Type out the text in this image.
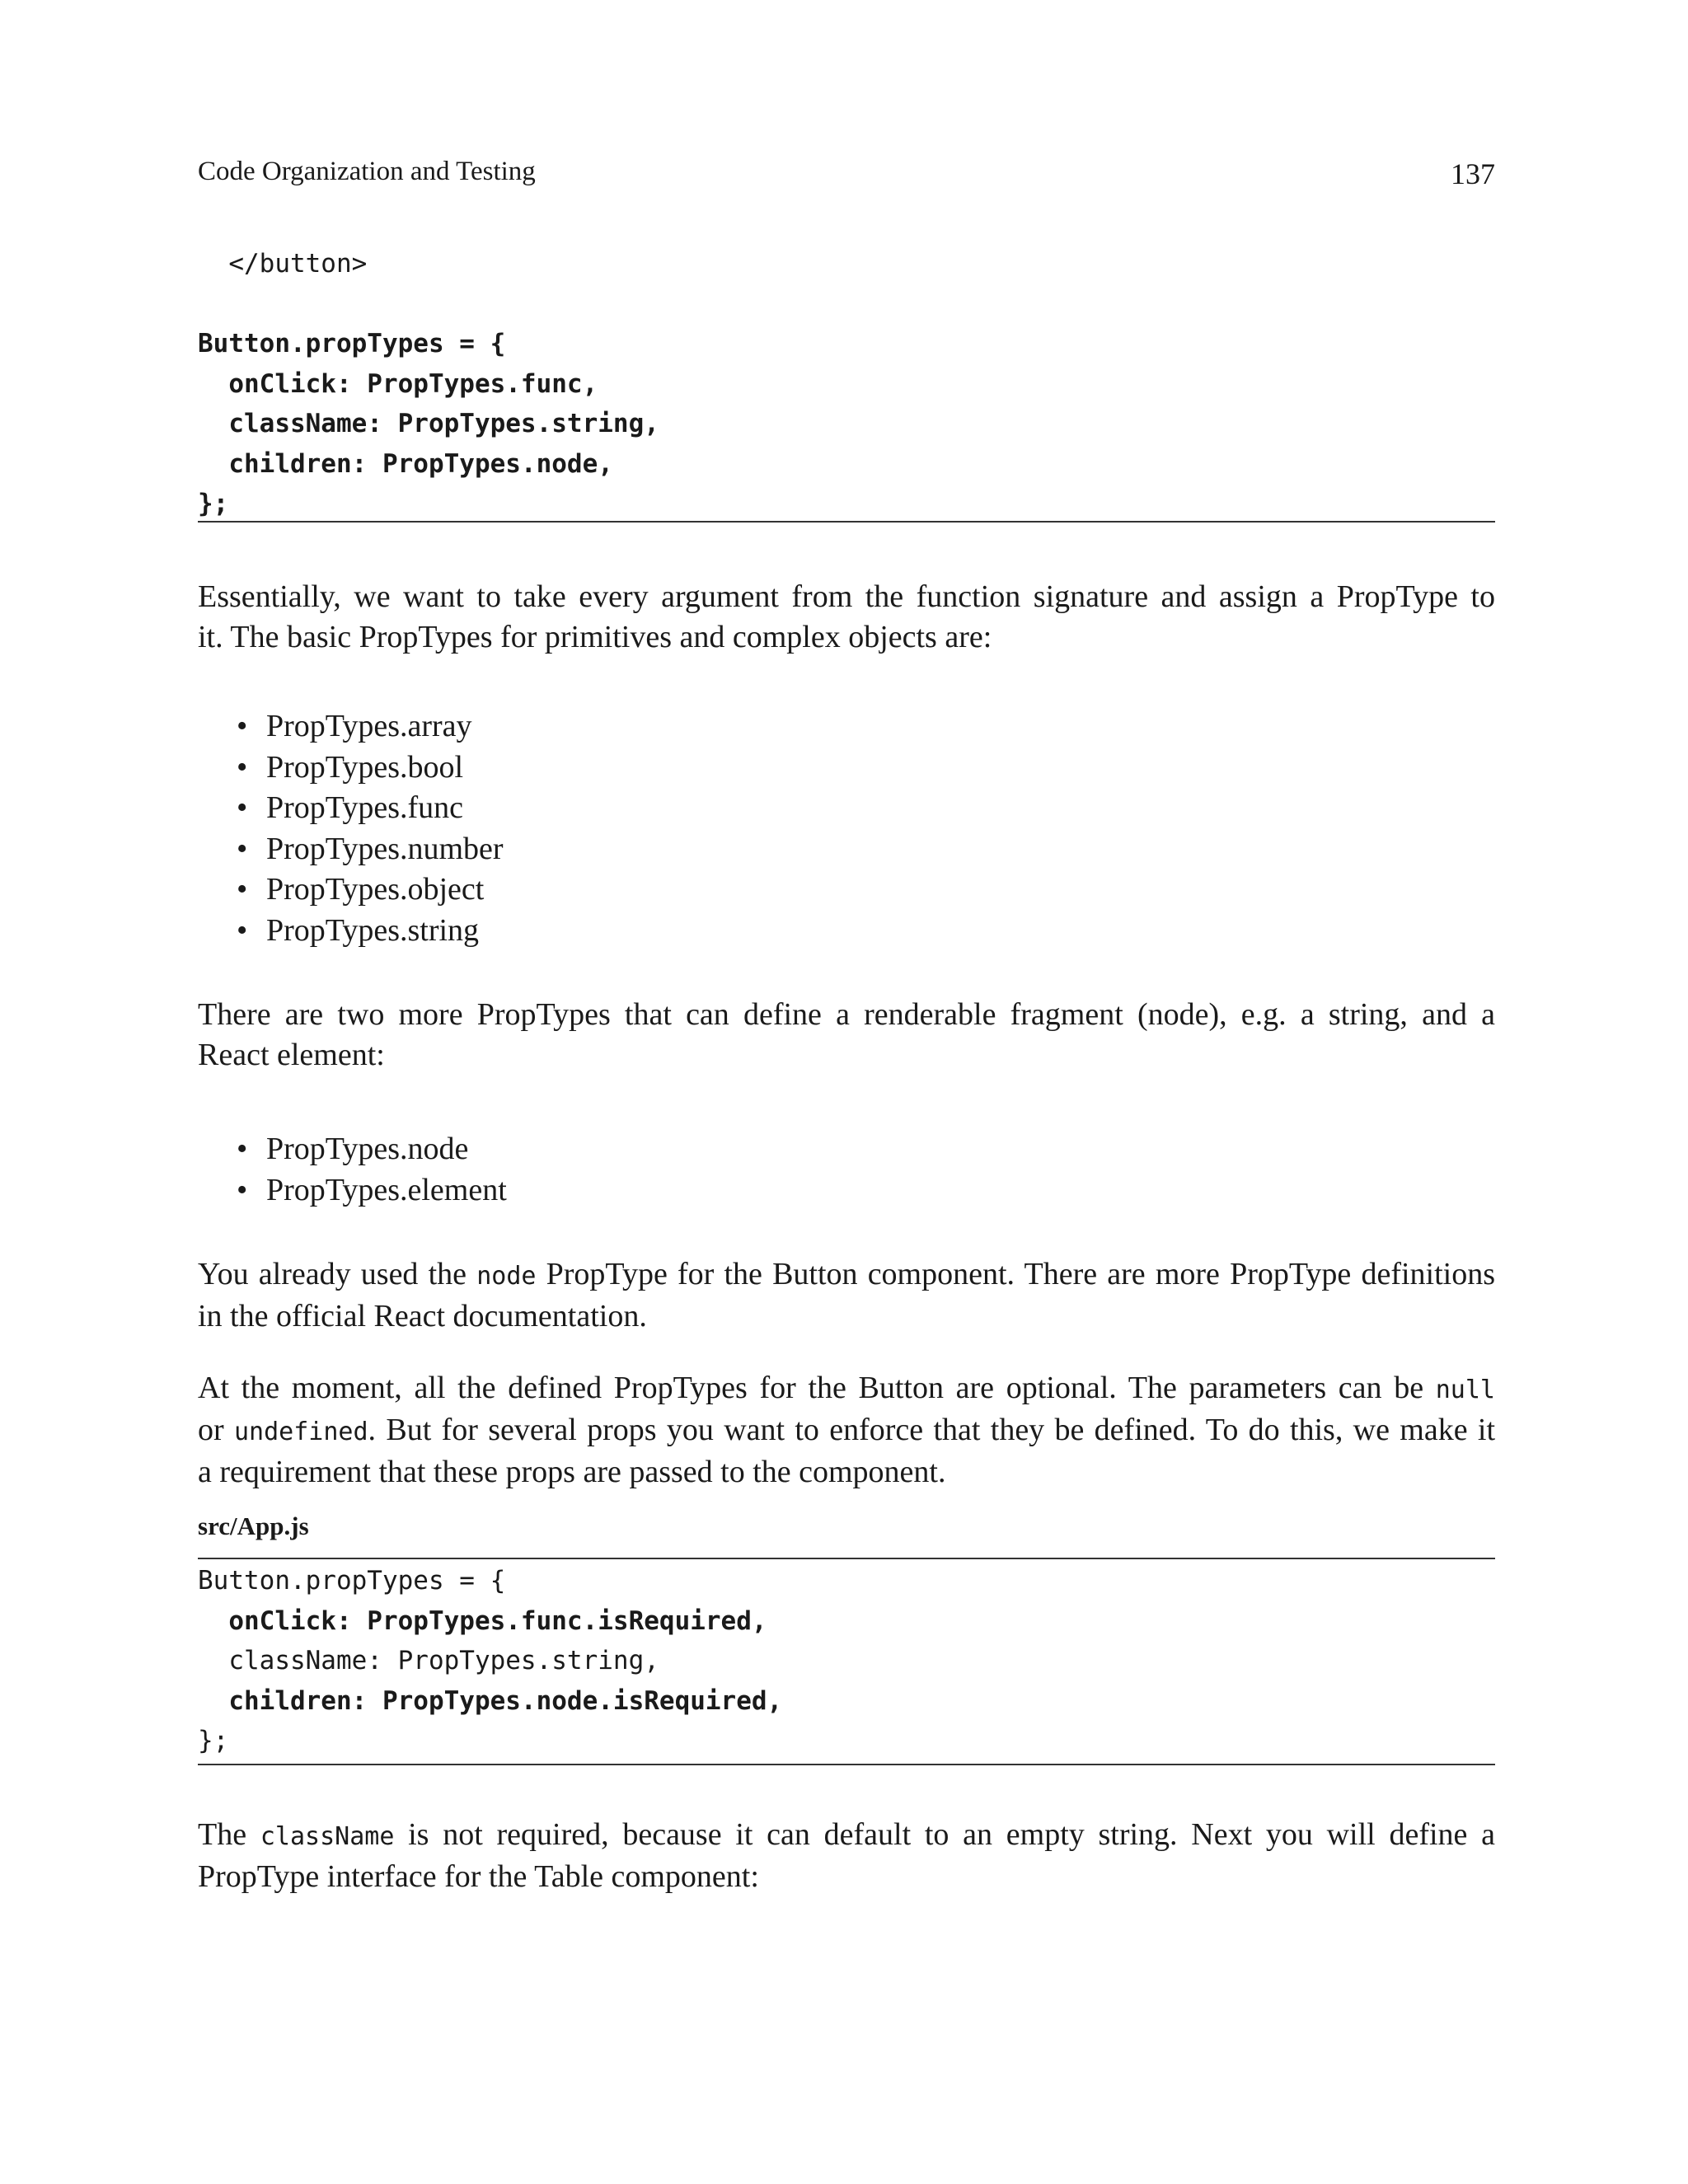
Code Organization and Testing	137
</button>
Button.propTypes = {
onClick: PropTypes.func,
className: PropTypes.string,
children: PropTypes.node,
};
Essentially, we want to take every argument from the function signature and assign a PropType to
it. The basic PropTypes for primitives and complex objects are:
• PropTypes.array
• PropTypes.bool
• PropTypes.func
• PropTypes.number
• PropTypes.object
• PropTypes.string
There are two more PropTypes that can define a renderable fragment (node), e.g. a string, and a
React element:
• PropTypes.node
• PropTypes.element
You already used the node PropType for the Button component. There are more PropType definitions
in the official React documentation.
At the moment, all the defined PropTypes for the Button are optional. The parameters can be null
or undefined. But for several props you want to enforce that they be defined. To do this, we make it
a requirement that these props are passed to the component.
src/App.js
Button.propTypes = {
onClick: PropTypes.func.isRequired,
className: PropTypes.string,
children: PropTypes.node.isRequired,
};
The className is not required, because it can default to an empty string. Next you will define a
PropType interface for the Table component:
